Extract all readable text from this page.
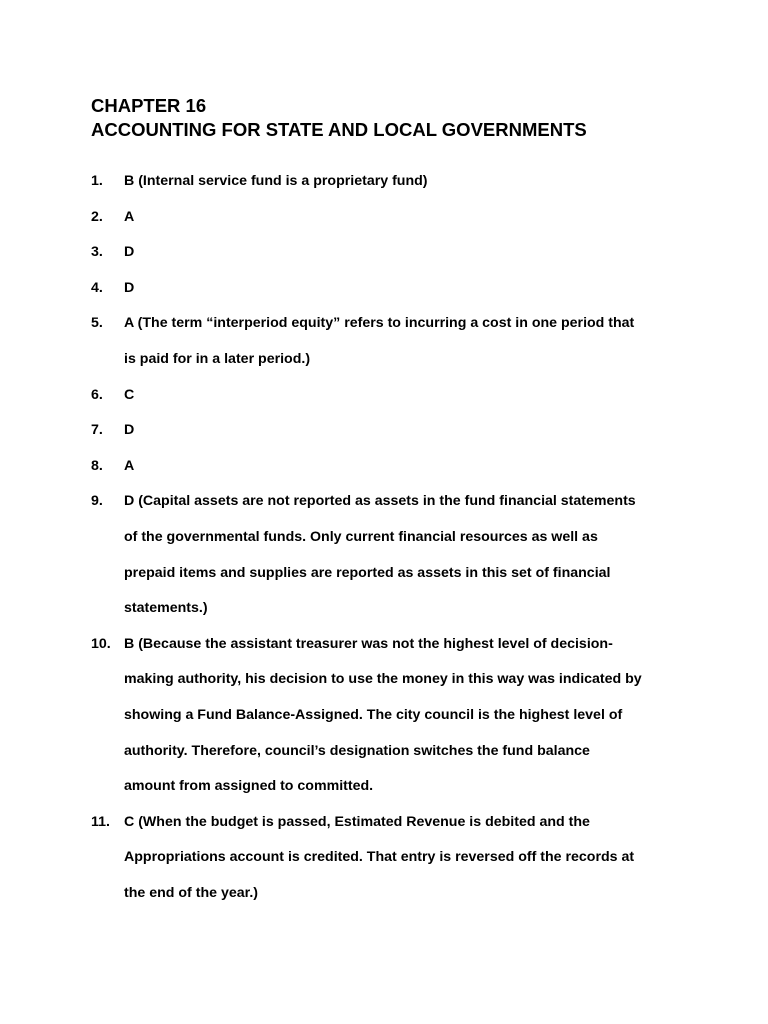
CHAPTER 16
ACCOUNTING FOR STATE AND LOCAL GOVERNMENTS
1. B (Internal service fund is a proprietary fund)
2. A
3. D
4. D
5. A (The term “interperiod equity” refers to incurring a cost in one period that
is paid for in a later period.)
6. C
7. D
8. A
9. D (Capital assets are not reported as assets in the fund financial statements
of the governmental funds. Only current financial resources as well as
prepaid items and supplies are reported as assets in this set of financial
statements.)
10. B (Because the assistant treasurer was not the highest level of decision-
making authority, his decision to use the money in this way was indicated by
showing a Fund Balance-Assigned. The city council is the highest level of
authority. Therefore, council’s designation switches the fund balance
amount from assigned to committed.
11. C (When the budget is passed, Estimated Revenue is debited and the
Appropriations account is credited. That entry is reversed off the records at
the end of the year.)
